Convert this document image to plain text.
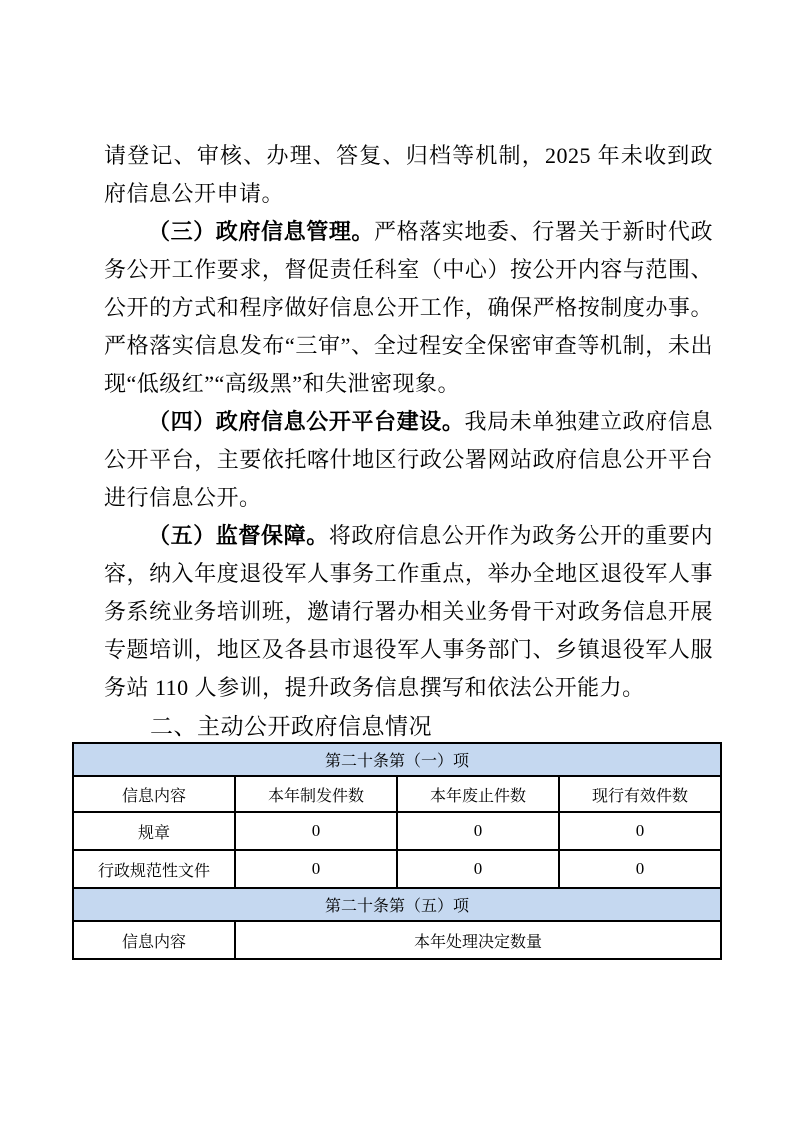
请登记、审核、办理、答复、归档等机制，2025 年未收到政府信息公开申请。

（三）政府信息管理。严格落实地委、行署关于新时代政务公开工作要求，督促责任科室（中心）按公开内容与范围、公开的方式和程序做好信息公开工作，确保严格按制度办事。严格落实信息发布“三审”、全过程安全保密审查等机制，未出现“低级红”“高级黑”和失泄密现象。

（四）政府信息公开平台建设。我局未单独建立政府信息公开平台，主要依托喀什地区行政公署网站政府信息公开平台进行信息公开。

（五）监督保障。将政府信息公开作为政务公开的重要内容，纳入年度退役军人事务工作重点，举办全地区退役军人事务系统业务培训班，邀请行署办相关业务骨干对政务信息开展专题培训，地区及各县市退役军人事务部门、乡镇退役军人服务站 110 人参训，提升政务信息撰写和依法公开能力。

二、主动公开政府信息情况
第二十条第（一）项			
信息内容	本年制发件数	本年废止件数	现行有效件数
规章	0	0	0
行政规范性文件	0	0	0
第二十条第（五）项			
信息内容	本年处理决定数量		
